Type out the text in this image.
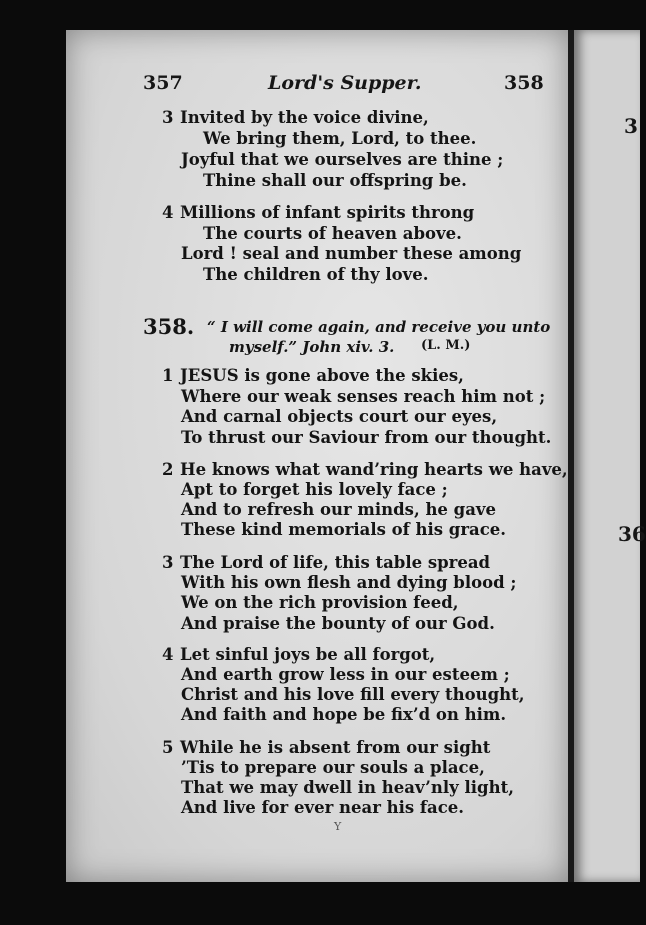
3
36
357	Lord's Supper.	358
3 Invited by the voice divine,
We bring them, Lord, to thee.
Joyful that we ourselves are thine ;
Thine shall our offspring be.
4 Millions of infant spirits throng
The courts of heaven above.
Lord ! seal and number these among
The children of thy love.
358. “ I will come again, and receive you unto
myself.” John xiv. 3. (L. M.)
1 JESUS is gone above the skies,
Where our weak senses reach him not ;
And carnal objects court our eyes,
To thrust our Saviour from our thought.
2 He knows what wand’ring hearts we have,
Apt to forget his lovely face ;
And to refresh our minds, he gave
These kind memorials of his grace.
3 The Lord of life, this table spread
With his own flesh and dying blood ;
We on the rich provision feed,
And praise the bounty of our God.
4 Let sinful joys be all forgot,
And earth grow less in our esteem ;
Christ and his love fill every thought,
And faith and hope be fix’d on him.
5 While he is absent from our sight
’Tis to prepare our souls a place,
That we may dwell in heav’nly light,
And live for ever near his face.
Y
